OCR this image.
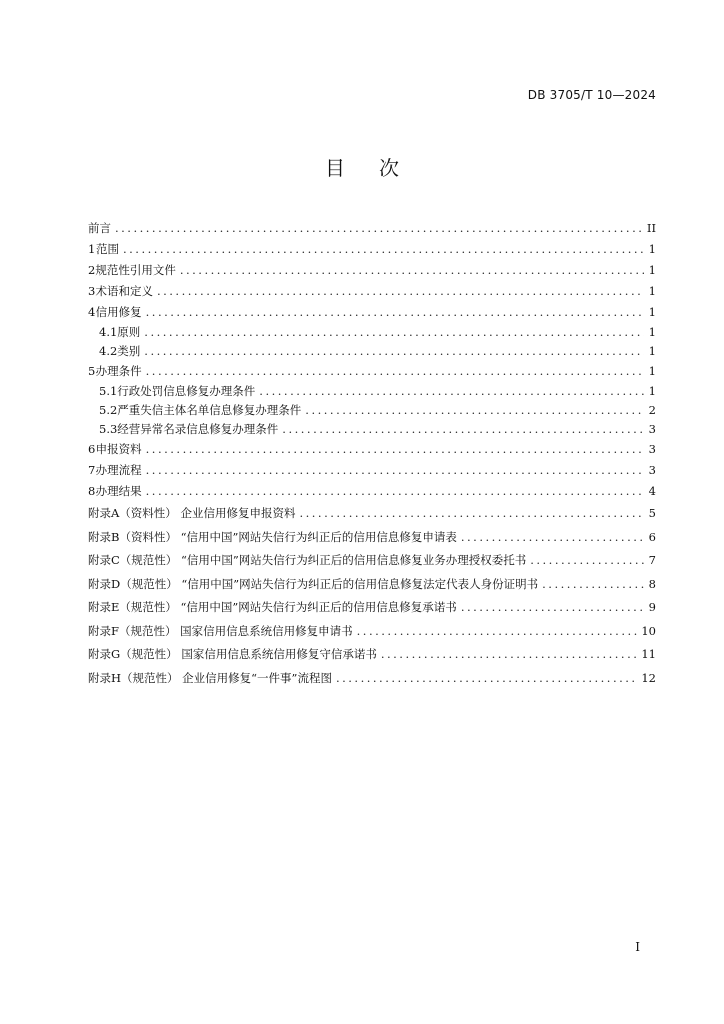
DB 3705/T 10—2024
目次
前言 .....	II
1 范围 .....	1
2 规范性引用文件 .....	1
3 术语和定义 .....	1
4 信用修复 .....	1
4.1 原则 .....	1
4.2 类别 .....	1
5 办理条件 .....	1
5.1 行政处罚信息修复办理条件 .....	1
5.2 严重失信主体名单信息修复办理条件 .....	2
5.3 经营异常名录信息修复办理条件 .....	3
6 申报资料 .....	3
7 办理流程 .....	3
8 办理结果 .....	4
附录A（资料性） 企业信用修复申报资料 .....	5
附录B（资料性） “信用中国”网站失信行为纠正后的信用信息修复申请表 .....	6
附录C（规范性） “信用中国”网站失信行为纠正后的信用信息修复业务办理授权委托书 .....	7
附录D（规范性） “信用中国”网站失信行为纠正后的信用信息修复法定代表人身份证明书 .....	8
附录E（规范性） “信用中国”网站失信行为纠正后的信用信息修复承诺书 .....	9
附录F（规范性） 国家信用信息系统信用修复申请书 .....	10
附录G（规范性） 国家信用信息系统信用修复守信承诺书 .....	11
附录H（规范性） 企业信用修复“一件事”流程图 .....	12
I
